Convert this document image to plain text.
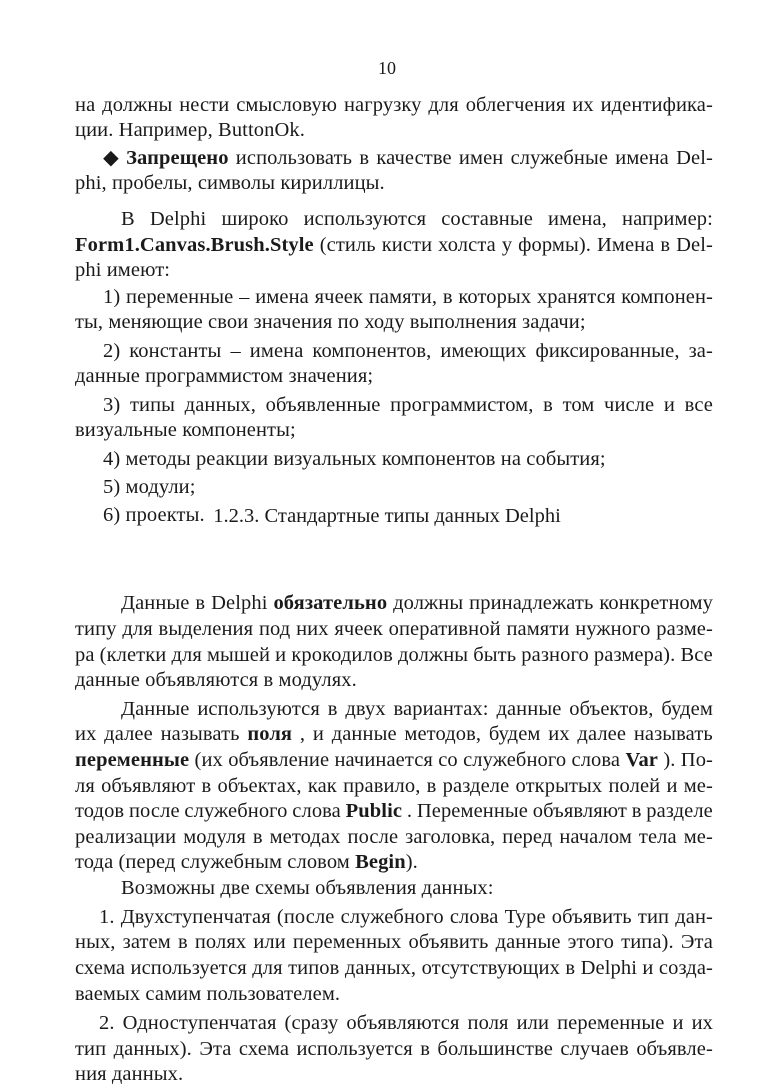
10
на должны нести смысловую нагрузку для облегчения их идентифика-
ции. Например, ButtonOk.
◆ Запрещено использовать в качестве имен служебные имена Del-
phi, пробелы, символы кириллицы.
В Delphi широко используются составные имена, например:
Form1.Canvas.Brush.Style (стиль кисти холста у формы). Имена в Del-
phi имеют:
1) переменные – имена ячеек памяти, в которых хранятся компонен-
ты, меняющие свои значения по ходу выполнения задачи;
2) константы – имена компонентов, имеющих фиксированные, за-
данные программистом значения;
3) типы данных, объявленные программистом, в том числе и все
визуальные компоненты;
4) методы реакции визуальных компонентов на события;
5) модули;
6) проекты.
Данные в Delphi обязательно должны принадлежать конкретному
типу для выделения под них ячеек оперативной памяти нужного разме-
ра (клетки для мышей и крокодилов должны быть разного размера). Все
данные объявляются в модулях.
Данные используются в двух вариантах: данные объектов, будем
их далее называть поля , и данные методов, будем их далее называть
переменные (их объявление начинается со служебного слова Var ). По-
ля объявляют в объектах, как правило, в разделе открытых полей и ме-
тодов после служебного слова Public . Переменные объявляют в разделе
реализации модуля в методах после заголовка, перед началом тела ме-
тода (перед служебным словом Begin).
Возможны две схемы объявления данных:
1. Двухступенчатая (после служебного слова Type объявить тип дан-
ных, затем в полях или переменных объявить данные этого типа). Эта
схема используется для типов данных, отсутствующих в Delphi и созда-
ваемых самим пользователем.
2. Одноступенчатая (сразу объявляются поля или переменные и их
тип данных). Эта схема используется в большинстве случаев объявле-
ния данных.
1.2.3. Стандартные типы данных Delphi
